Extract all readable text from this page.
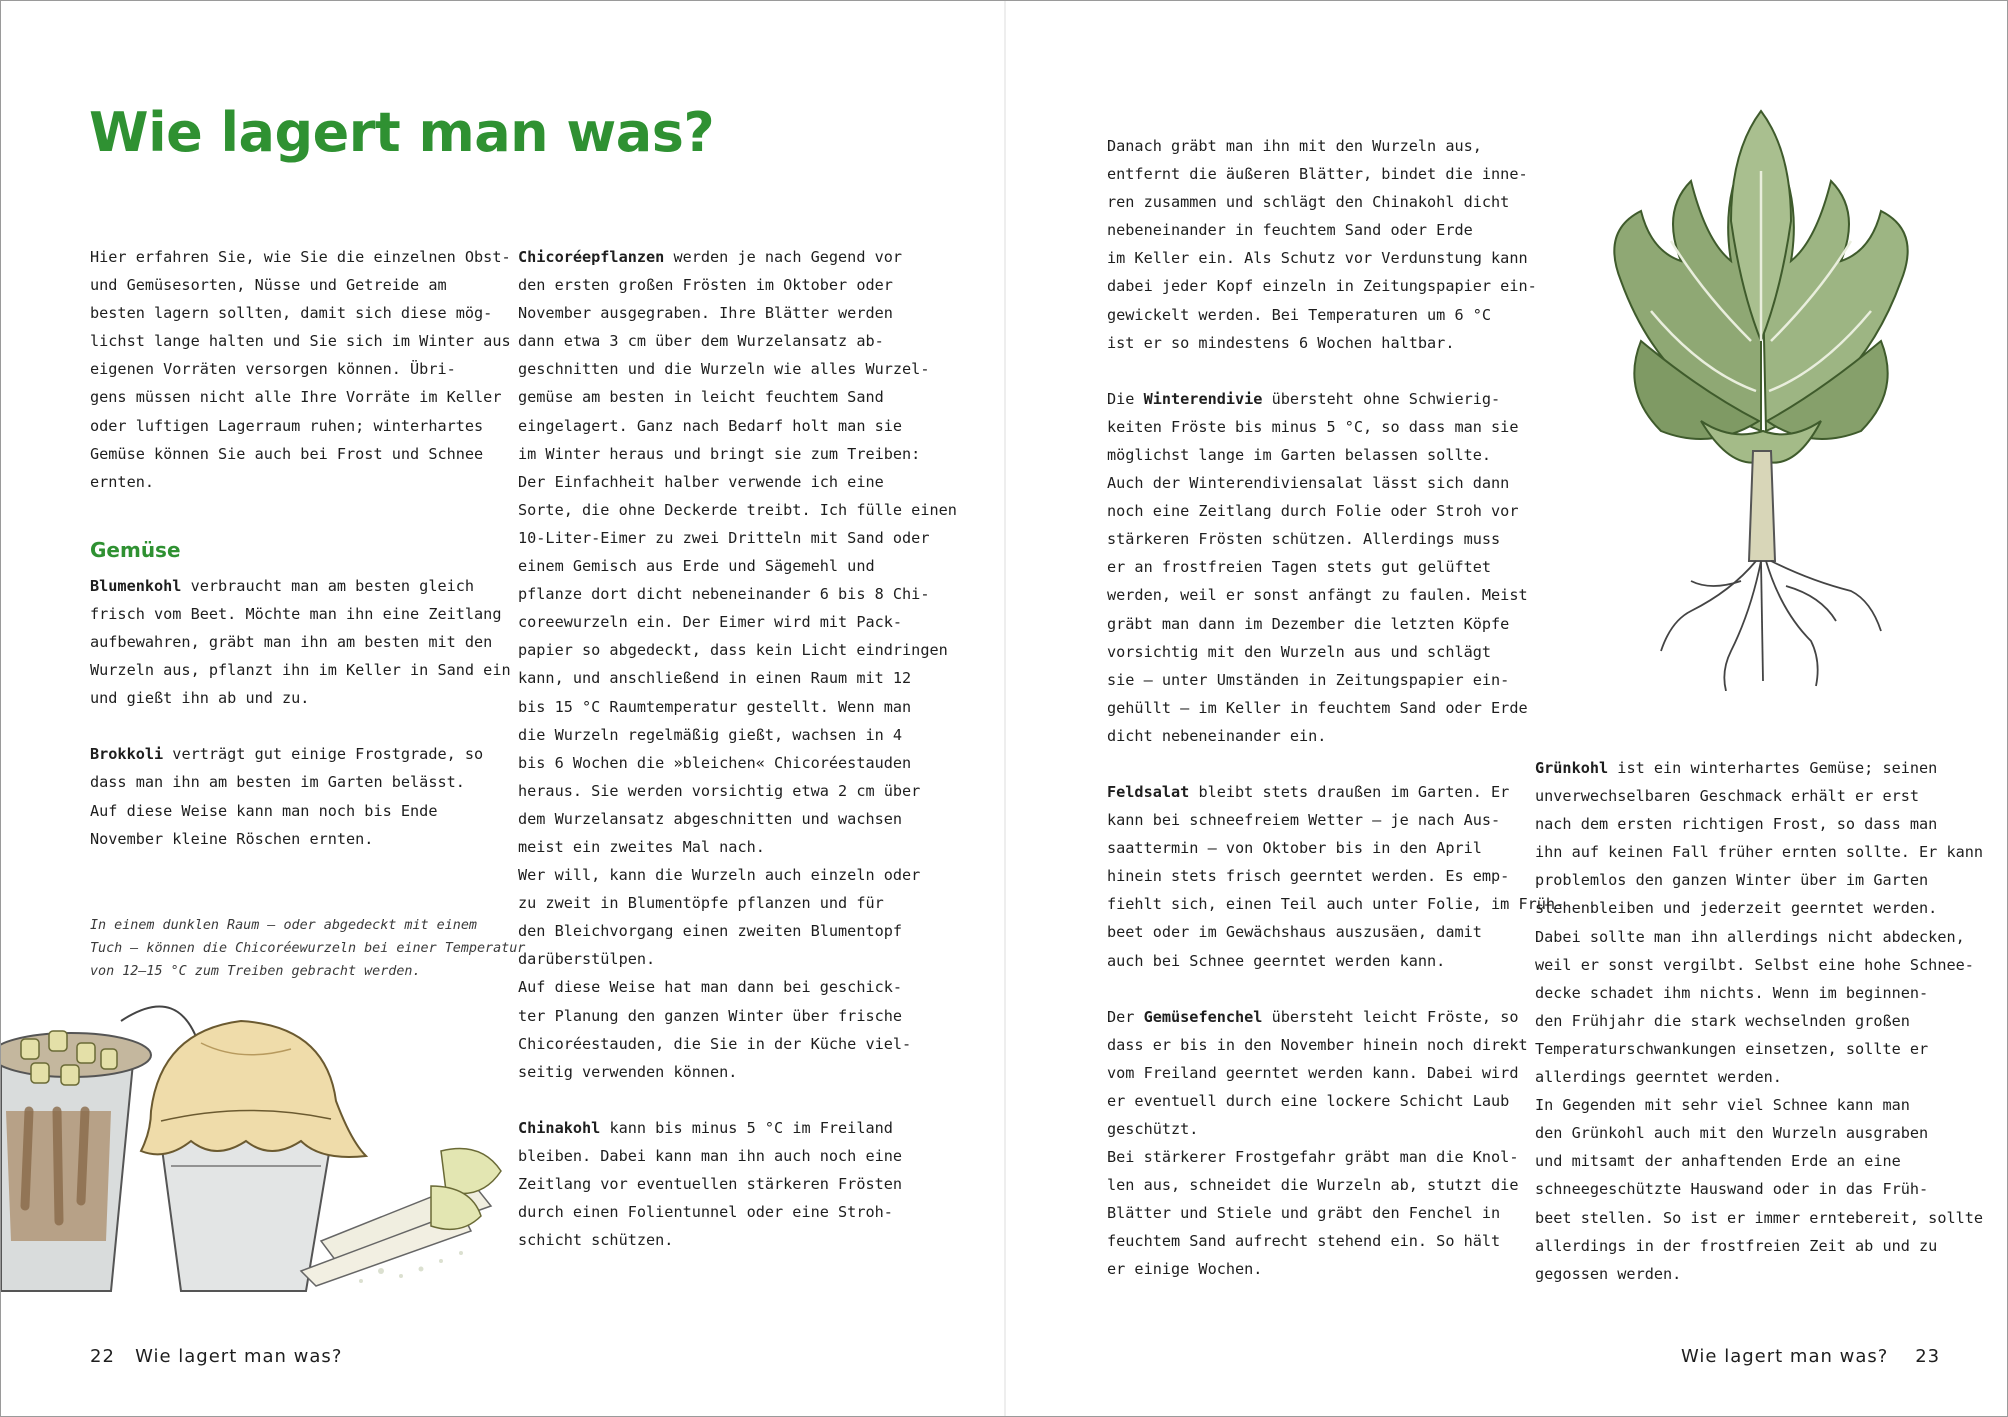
Wie lagert man was?

Hier erfahren Sie, wie Sie die einzelnen Obst-

und Gemüsesorten, Nüsse und Getreide am

besten lagern sollten, damit sich diese mög-

lichst lange halten und Sie sich im Winter aus

eigenen Vorräten versorgen können. Übri-

gens müssen nicht alle Ihre Vorräte im Keller

oder luftigen Lagerraum ruhen; winterhartes

Gemüse können Sie auch bei Frost und Schnee

ernten.

Gemüse

Blumenkohl verbraucht man am besten gleich

frisch vom Beet. Möchte man ihn eine Zeitlang

aufbewahren, gräbt man ihn am besten mit den

Wurzeln aus, pflanzt ihn im Keller in Sand ein

und gießt ihn ab und zu.

Brokkoli verträgt gut einige Frostgrade, so

dass man ihn am besten im Garten belässt.

Auf diese Weise kann man noch bis Ende

November kleine Röschen ernten.

In einem dunklen Raum – oder abgedeckt mit einem

Tuch – können die Chicoréewurzeln bei einer Temperatur

von 12–15 °C zum Treiben gebracht werden.

Chicoréepflanzen werden je nach Gegend vor

den ersten großen Frösten im Oktober oder

November ausgegraben. Ihre Blätter werden

dann etwa 3 cm über dem Wurzelansatz ab-

geschnitten und die Wurzeln wie alles Wurzel-

gemüse am besten in leicht feuchtem Sand

eingelagert. Ganz nach Bedarf holt man sie

im Winter heraus und bringt sie zum Treiben:

Der Einfachheit halber verwende ich eine

Sorte, die ohne Deckerde treibt. Ich fülle einen

10-Liter-Eimer zu zwei Dritteln mit Sand oder

einem Gemisch aus Erde und Sägemehl und

pflanze dort dicht nebeneinander 6 bis 8 Chi-

coreewurzeln ein. Der Eimer wird mit Pack-

papier so abgedeckt, dass kein Licht eindringen

kann, und anschließend in einen Raum mit 12

bis 15 °C Raumtemperatur gestellt. Wenn man

die Wurzeln regelmäßig gießt, wachsen in 4

bis 6 Wochen die »bleichen« Chicoréestauden

heraus. Sie werden vorsichtig etwa 2 cm über

dem Wurzelansatz abgeschnitten und wachsen

meist ein zweites Mal nach.

Wer will, kann die Wurzeln auch einzeln oder

zu zweit in Blumentöpfe pflanzen und für

den Bleichvorgang einen zweiten Blumentopf

darüberstülpen.

Auf diese Weise hat man dann bei geschick-

ter Planung den ganzen Winter über frische

Chicoréestauden, die Sie in der Küche viel-

seitig verwenden können.

Chinakohl kann bis minus 5 °C im Freiland

bleiben. Dabei kann man ihn auch noch eine

Zeitlang vor eventuellen stärkeren Frösten

durch einen Folientunnel oder eine Stroh-

schicht schützen.

22 Wie lagert man was?

Danach gräbt man ihn mit den Wurzeln aus,

entfernt die äußeren Blätter, bindet die inne-

ren zusammen und schlägt den Chinakohl dicht

nebeneinander in feuchtem Sand oder Erde

im Keller ein. Als Schutz vor Verdunstung kann

dabei jeder Kopf einzeln in Zeitungspapier ein-

gewickelt werden. Bei Temperaturen um 6 °C

ist er so mindestens 6 Wochen haltbar.

Die Winterendivie übersteht ohne Schwierig-

keiten Fröste bis minus 5 °C, so dass man sie

möglichst lange im Garten belassen sollte.

Auch der Winterendiviensalat lässt sich dann

noch eine Zeitlang durch Folie oder Stroh vor

stärkeren Frösten schützen. Allerdings muss

er an frostfreien Tagen stets gut gelüftet

werden, weil er sonst anfängt zu faulen. Meist

gräbt man dann im Dezember die letzten Köpfe

vorsichtig mit den Wurzeln aus und schlägt

sie – unter Umständen in Zeitungspapier ein-

gehüllt – im Keller in feuchtem Sand oder Erde

dicht nebeneinander ein.

Feldsalat bleibt stets draußen im Garten. Er

kann bei schneefreiem Wetter – je nach Aus-

saattermin – von Oktober bis in den April

hinein stets frisch geerntet werden. Es emp-

fiehlt sich, einen Teil auch unter Folie, im Früh-

beet oder im Gewächshaus auszusäen, damit

auch bei Schnee geerntet werden kann.

Der Gemüsefenchel übersteht leicht Fröste, so

dass er bis in den November hinein noch direkt

vom Freiland geerntet werden kann. Dabei wird

er eventuell durch eine lockere Schicht Laub

geschützt.

Bei stärkerer Frostgefahr gräbt man die Knol-

len aus, schneidet die Wurzeln ab, stutzt die

Blätter und Stiele und gräbt den Fenchel in

feuchtem Sand aufrecht stehend ein. So hält

er einige Wochen.

Grünkohl ist ein winterhartes Gemüse; seinen

unverwechselbaren Geschmack erhält er erst

nach dem ersten richtigen Frost, so dass man

ihn auf keinen Fall früher ernten sollte. Er kann

problemlos den ganzen Winter über im Garten

stehenbleiben und jederzeit geerntet werden.

Dabei sollte man ihn allerdings nicht abdecken,

weil er sonst vergilbt. Selbst eine hohe Schnee-

decke schadet ihm nichts. Wenn im beginnen-

den Frühjahr die stark wechselnden großen

Temperaturschwankungen einsetzen, sollte er

allerdings geerntet werden.

In Gegenden mit sehr viel Schnee kann man

den Grünkohl auch mit den Wurzeln ausgraben

und mitsamt der anhaftenden Erde an eine

schneegeschützte Hauswand oder in das Früh-

beet stellen. So ist er immer erntebereit, sollte

allerdings in der frostfreien Zeit ab und zu

gegossen werden.

Wie lagert man was? 23
